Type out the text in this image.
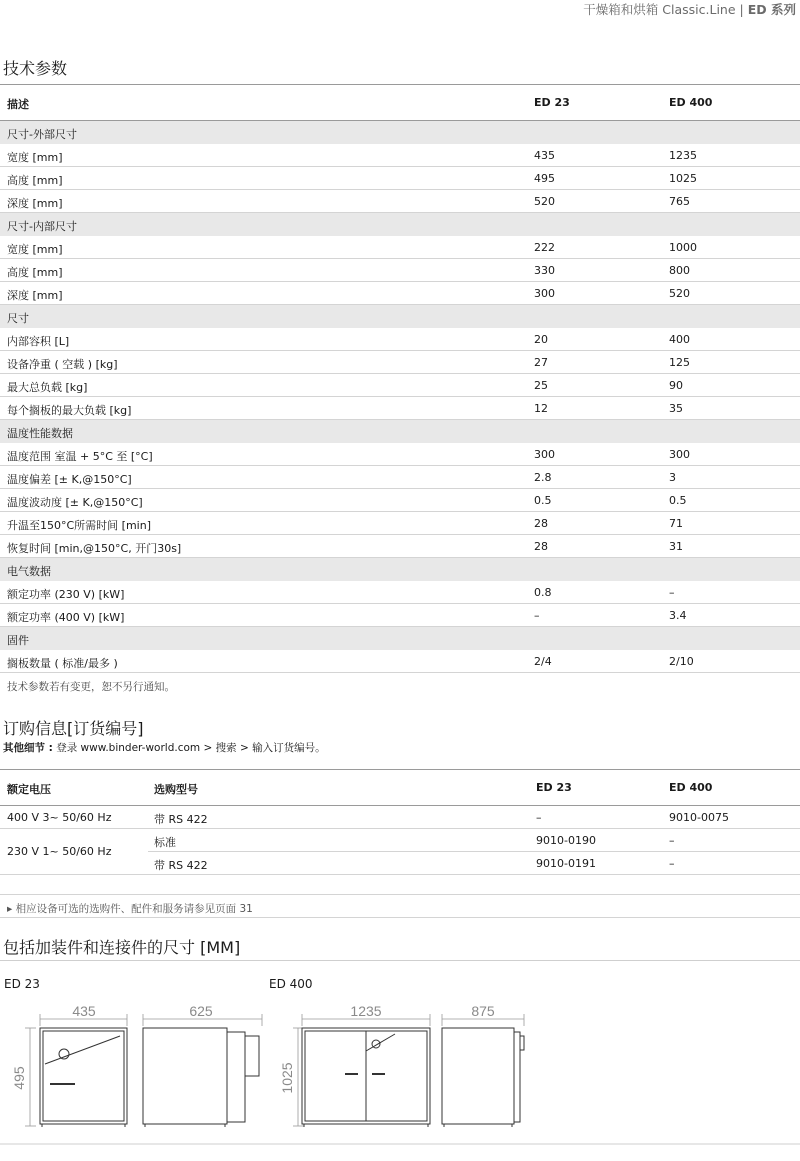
干燥箱和烘箱 Classic.Line | ED 系列
技术参数
描述	ED 23	ED 400
尺寸-外部尺寸
宽度 [mm]	435	1235
高度 [mm]	495	1025
深度 [mm]	520	765
尺寸-内部尺寸
宽度 [mm]	222	1000
高度 [mm]	330	800
深度 [mm]	300	520
尺寸
内部容积 [L]	20	400
设备净重 ( 空载 ) [kg]	27	125
最大总负载 [kg]	25	90
每个搁板的最大负载 [kg]	12	35
温度性能数据
温度范围 室温 + 5°C 至 [°C]	300	300
温度偏差 [± K,@150°C]	2.8	3
温度波动度 [± K,@150°C]	0.5	0.5
升温至150°C所需时间 [min]	28	71
恢复时间 [min,@150°C, 开门30s]	28	31
电气数据
额定功率 (230 V) [kW]	0.8	–
额定功率 (400 V) [kW]	–	3.4
固件
搁板数量 ( 标准/最多 )	2/4	2/10
技术参数若有变更，恕不另行通知。
订购信息[订货编号]
其他细节 : 登录 www.binder-world.com > 搜索 > 输入订货编号。
额定电压	选购型号	ED 23	ED 400
400 V 3~ 50/60 Hz	带 RS 422	–	9010-0075
230 V 1~ 50/60 Hz
标准	9010-0190	–
带 RS 422	9010-0191	–
▸ 相应设备可选的选购件、配件和服务请参见页面 31
包括加装件和连接件的尺寸 [MM]
ED 23	ED 400
435	625
495
1235	875
1025
